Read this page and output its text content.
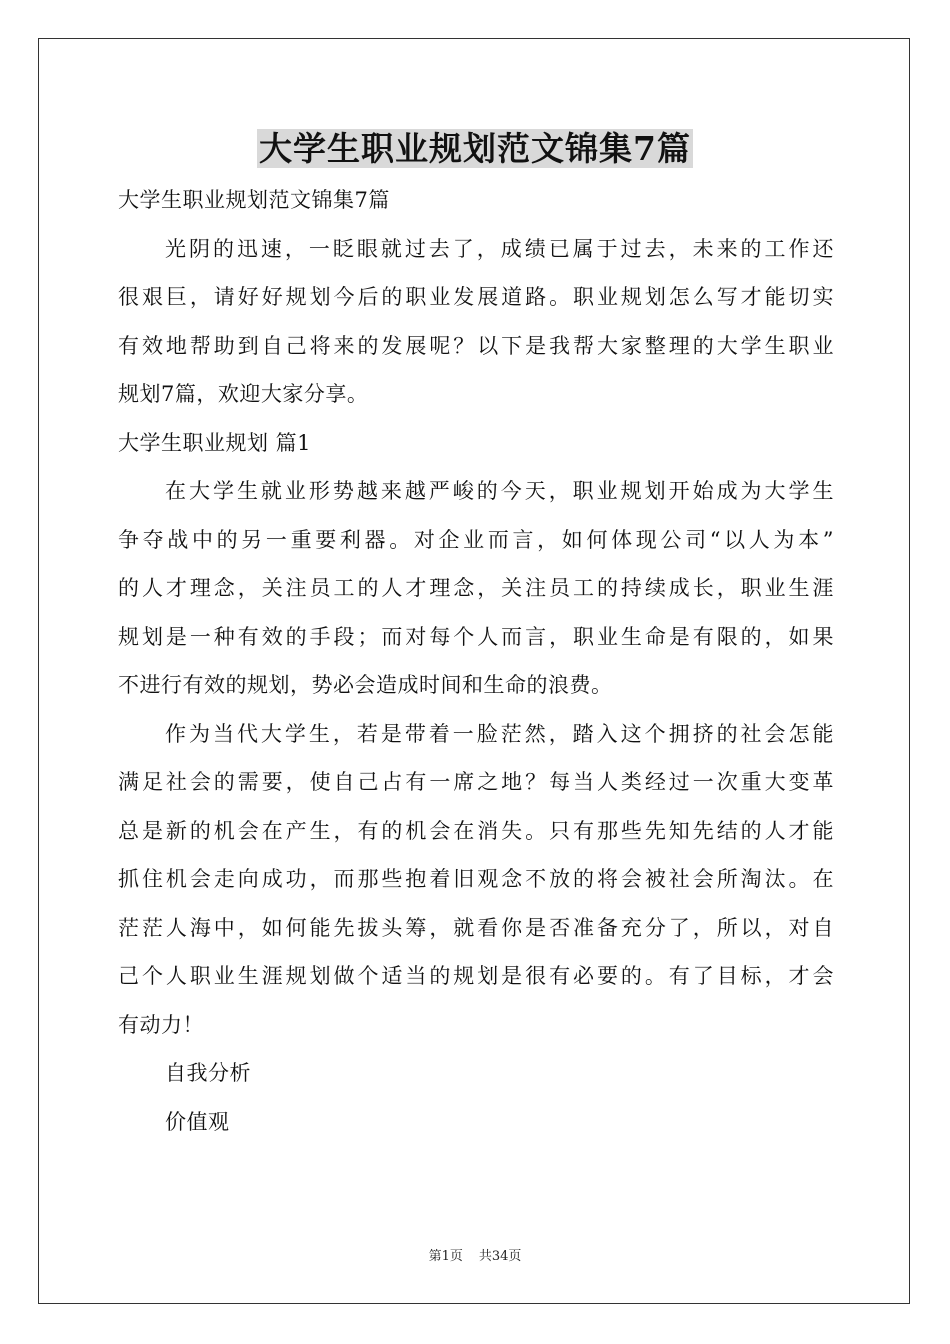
大学生职业规划范文锦集7篇
大学生职业规划范文锦集7篇
光阴的迅速，一眨眼就过去了，成绩已属于过去，未来的工作还
很艰巨，请好好规划今后的职业发展道路。职业规划怎么写才能切实
有效地帮助到自己将来的发展呢？以下是我帮大家整理的大学生职业
规划7篇，欢迎大家分享。
大学生职业规划 篇1
在大学生就业形势越来越严峻的今天，职业规划开始成为大学生
争夺战中的另一重要利器。对企业而言，如何体现公司“以人为本”
的人才理念，关注员工的人才理念，关注员工的持续成长，职业生涯
规划是一种有效的手段；而对每个人而言，职业生命是有限的，如果
不进行有效的规划，势必会造成时间和生命的浪费。
作为当代大学生，若是带着一脸茫然，踏入这个拥挤的社会怎能
满足社会的需要，使自己占有一席之地？每当人类经过一次重大变革
总是新的机会在产生，有的机会在消失。只有那些先知先结的人才能
抓住机会走向成功，而那些抱着旧观念不放的将会被社会所淘汰。在
茫茫人海中，如何能先拔头筹，就看你是否准备充分了，所以，对自
己个人职业生涯规划做个适当的规划是很有必要的。有了目标，才会
有动力！
自我分析
价值观
第1页 共34页
